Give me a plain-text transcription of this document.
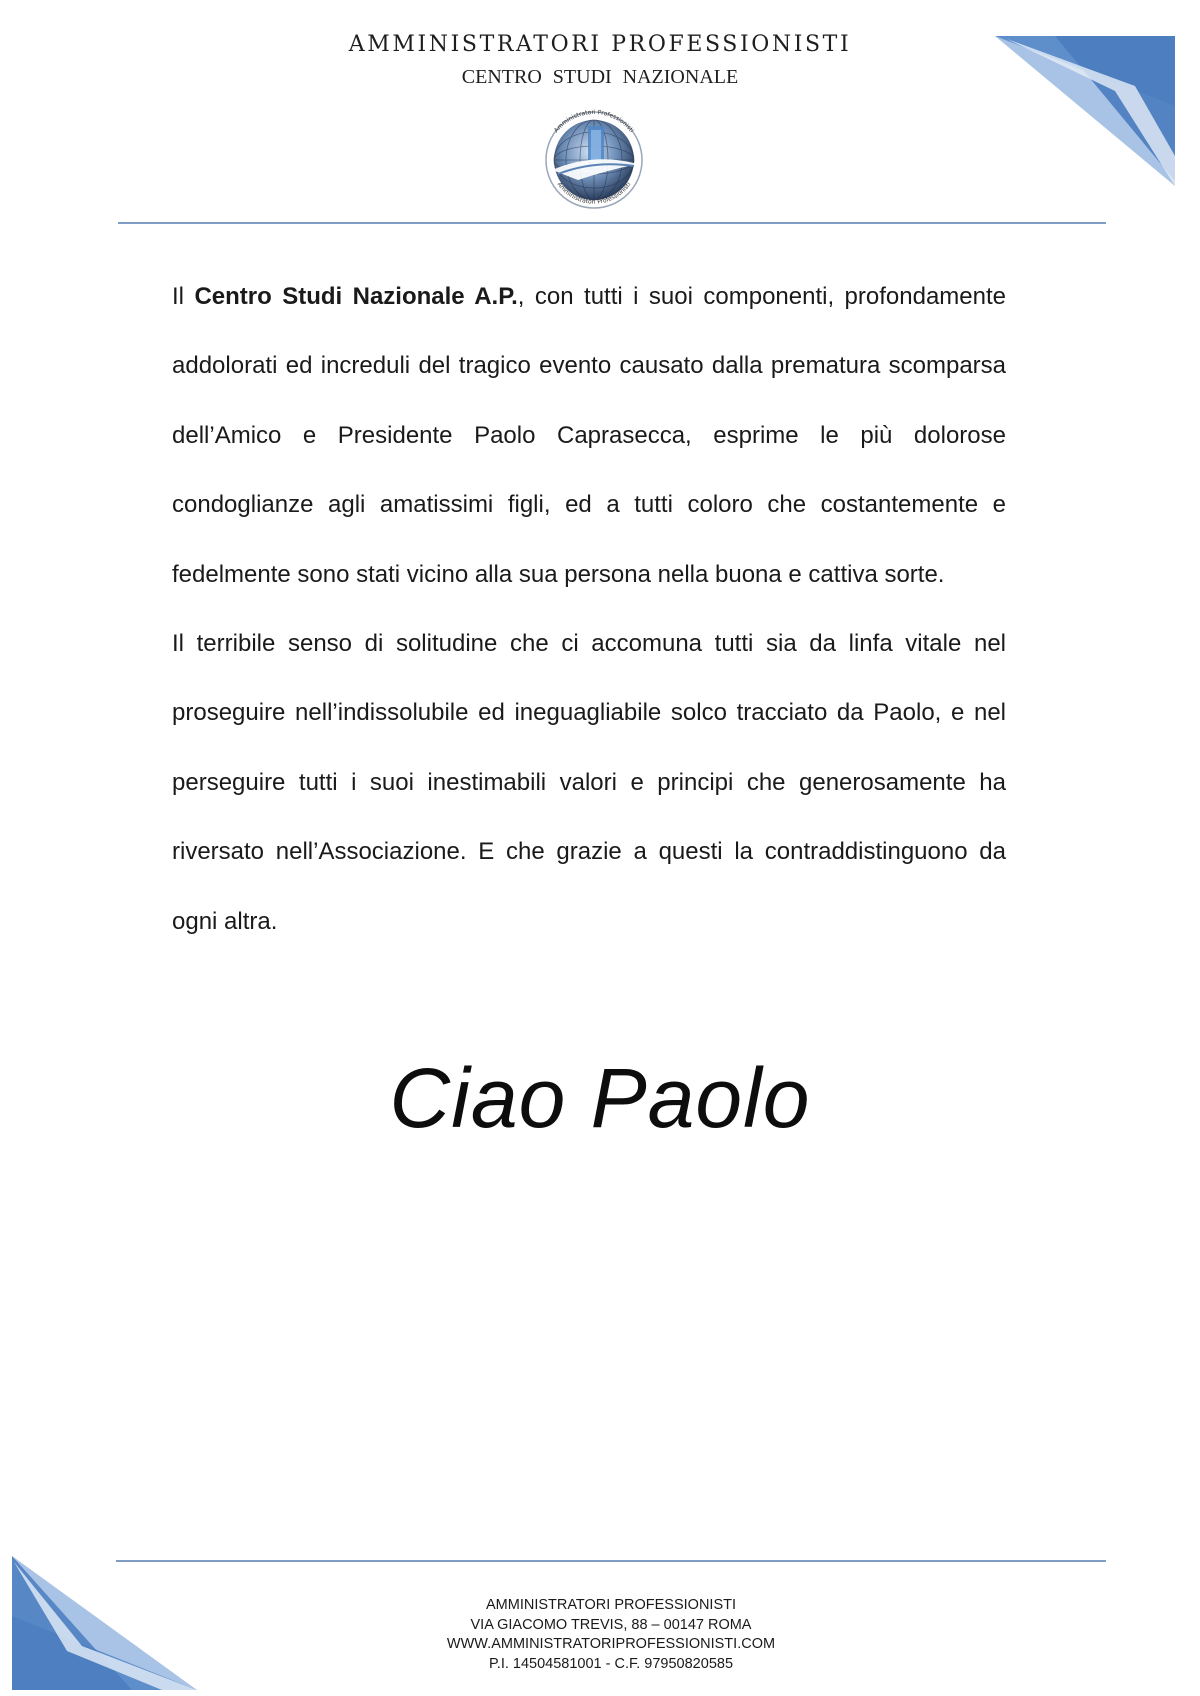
AMMINISTRATORI PROFESSIONISTI
CENTRO STUDI NAZIONALE
Amministratori Professionisti
Amministratori Professionisti

Il Centro Studi Nazionale A.P., con tutti i suoi componenti, profondamente addolorati ed increduli del tragico evento causato dalla prematura scomparsa dell’Amico e Presidente Paolo Caprasecca, esprime le più dolorose condoglianze agli amatissimi figli, ed a tutti coloro che costantemente e fedelmente sono stati vicino alla sua persona nella buona e cattiva sorte.

Il terribile senso di solitudine che ci accomuna tutti sia da linfa vitale nel proseguire nell’indissolubile ed ineguagliabile solco tracciato da Paolo, e nel perseguire tutti i suoi inestimabili valori e principi che generosamente ha riversato nell’Associazione. E che grazie a questi la contraddistinguono da ogni altra.

Ciao Paolo
AMMINISTRATORI PROFESSIONISTI
VIA GIACOMO TREVIS, 88 – 00147 ROMA
WWW.AMMINISTRATORIPROFESSIONISTI.COM
P.I. 14504581001 - C.F. 97950820585
